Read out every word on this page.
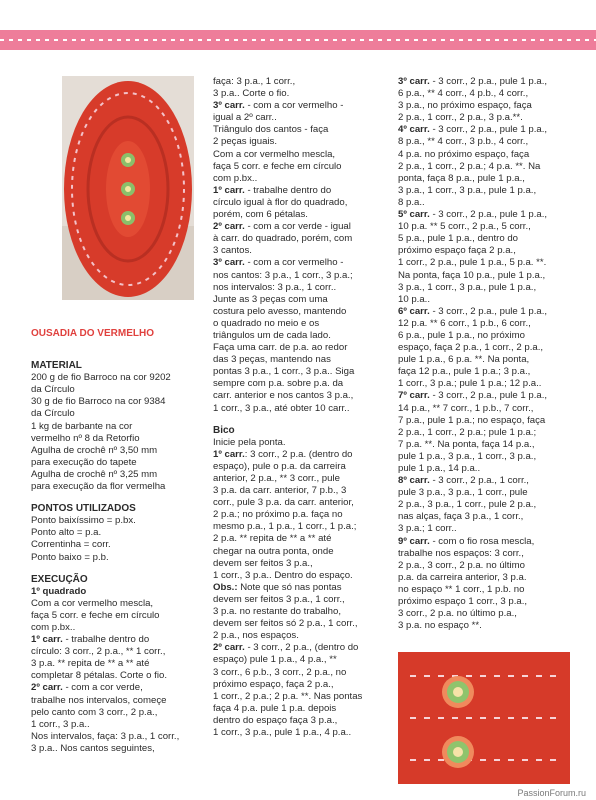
OUSADIA DO VERMELHO

MATERIAL

200 g de fio Barroco na cor 9202

da Círculo

30 g de fio Barroco na cor 9384

da Círculo

1 kg de barbante na cor

vermelho nº 8 da Retorfio

Agulha de crochê nº 3,50 mm

para execução do tapete

Agulha de crochê nº 3,25 mm

para execução da flor vermelha

PONTOS UTILIZADOS

Ponto baixíssimo = p.bx.

Ponto alto = p.a.

Correntinha = corr.

Ponto baixo = p.b.

EXECUÇÃO

1º quadrado

Com a cor vermelho mescla,

faça 5 corr. e feche em círculo

com p.bx..

1º carr. - trabalhe dentro do

círculo: 3 corr., 2 p.a., ** 1 corr.,

3 p.a. ** repita de ** a ** até

completar 8 pétalas. Corte o fio.

2º carr. - com a cor verde,

trabalhe nos intervalos, começe

pelo canto com 3 corr., 2 p.a.,

1 corr., 3 p.a..

Nos intervalos, faça: 3 p.a., 1 corr.,

3 p.a.. Nos cantos seguintes,

faça: 3 p.a., 1 corr.,

3 p.a.. Corte o fio.

3º carr. - com a cor vermelho -

igual a 2º carr..

Triângulo dos cantos - faça

2 peças iguais.

Com a cor vermelho mescla,

faça 5 corr. e feche em círculo

com p.bx..

1º carr. - trabalhe dentro do

círculo igual à flor do quadrado,

porém, com 6 pétalas.

2º carr. - com a cor verde - igual

à carr. do quadrado, porém, com

3 cantos.

3º carr. - com a cor vermelho -

nos cantos: 3 p.a., 1 corr., 3 p.a.;

nos intervalos: 3 p.a., 1 corr..

Junte as 3 peças com uma

costura pelo avesso, mantendo

o quadrado no meio e os

triângulos um de cada lado.

Faça uma carr. de p.a. ao redor

das 3 peças, mantendo nas

pontas 3 p.a., 1 corr., 3 p.a.. Siga

sempre com p.a. sobre p.a. da

carr. anterior e nos cantos 3 p.a.,

1 corr., 3 p.a., até obter 10 carr..

Bico

Inicie pela ponta.

1º carr.: 3 corr., 2 p.a. (dentro do

espaço), pule o p.a. da carreira

anterior, 2 p.a., ** 3 corr., pule

3 p.a. da carr. anterior, 7 p.b., 3

corr., pule 3 p.a. da carr. anterior,

2 p.a.; no próximo p.a. faça no

mesmo p.a., 1 p.a., 1 corr., 1 p.a.;

2 p.a. ** repita de ** a ** até

chegar na outra ponta, onde

devem ser feitos 3 p.a.,

1 corr., 3 p.a.. Dentro do espaço.

Obs.: Note que só nas pontas

devem ser feitos 3 p.a., 1 corr.,

3 p.a. no restante do trabalho,

devem ser feitos só 2 p.a., 1 corr.,

2 p.a., nos espaços.

2º carr. - 3 corr., 2 p.a., (dentro do

espaço) pule 1 p.a., 4 p.a., **

3 corr., 6 p.b., 3 corr., 2 p.a., no

próximo espaço, faça 2 p.a.,

1 corr., 2 p.a.; 2 p.a. **. Nas pontas

faça 4 p.a. pule 1 p.a. depois

dentro do espaço faça 3 p.a.,

1 corr., 3 p.a., pule 1 p.a., 4 p.a..

3º carr. - 3 corr., 2 p.a., pule 1 p.a.,

6 p.a., ** 4 corr., 4 p.b., 4 corr.,

3 p.a., no próximo espaço, faça

2 p.a., 1 corr., 2 p.a., 3 p.a.**.

4º carr. - 3 corr., 2 p.a., pule 1 p.a.,

8 p.a., ** 4 corr., 3 p.b., 4 corr.,

4 p.a. no próximo espaço, faça

2 p.a., 1 corr., 2 p.a.; 4 p.a. **. Na

ponta, faça 8 p.a., pule 1 p.a.,

3 p.a., 1 corr., 3 p.a., pule 1 p.a.,

8 p.a..

5º carr. - 3 corr., 2 p.a., pule 1 p.a.,

10 p.a. ** 5 corr., 2 p.a., 5 corr.,

5 p.a., pule 1 p.a., dentro do

próximo espaço faça 2 p.a.,

1 corr., 2 p.a., pule 1 p.a., 5 p.a. **.

Na ponta, faça 10 p.a., pule 1 p.a.,

3 p.a., 1 corr., 3 p.a., pule 1 p.a.,

10 p.a..

6º carr. - 3 corr., 2 p.a., pule 1 p.a.,

12 p.a. ** 6 corr., 1 p.b., 6 corr.,

6 p.a., pule 1 p.a., no próximo

espaço, faça 2 p.a., 1 corr., 2 p.a.,

pule 1 p.a., 6 p.a. **. Na ponta,

faça 12 p.a., pule 1 p.a.; 3 p.a.,

1 corr., 3 p.a.; pule 1 p.a.; 12 p.a..

7º carr. - 3 corr., 2 p.a., pule 1 p.a.,

14 p.a., ** 7 corr., 1 p.b., 7 corr.,

7 p.a., pule 1 p.a.; no espaço, faça

2 p.a., 1 corr., 2 p.a.; pule 1 p.a.;

7 p.a. **. Na ponta, faça 14 p.a.,

pule 1 p.a., 3 p.a., 1 corr., 3 p.a.,

pule 1 p.a., 14 p.a..

8º carr. - 3 corr., 2 p.a., 1 corr.,

pule 3 p.a., 3 p.a., 1 corr., pule

2 p.a., 3 p.a., 1 corr., pule 2 p.a.,

nas alças, faça 3 p.a., 1 corr.,

3 p.a.; 1 corr..

9º carr. - com o fio rosa mescla,

trabalhe nos espaços: 3 corr.,

2 p.a., 3 corr., 2 p.a. no último

p.a. da carreira anterior, 3 p.a.

no espaço ** 1 corr., 1 p.b. no

próximo espaço 1 corr., 3 p.a.,

3 corr., 2 p.a. no último p.a.,

3 p.a. no espaço **.

PassionForum.ru
